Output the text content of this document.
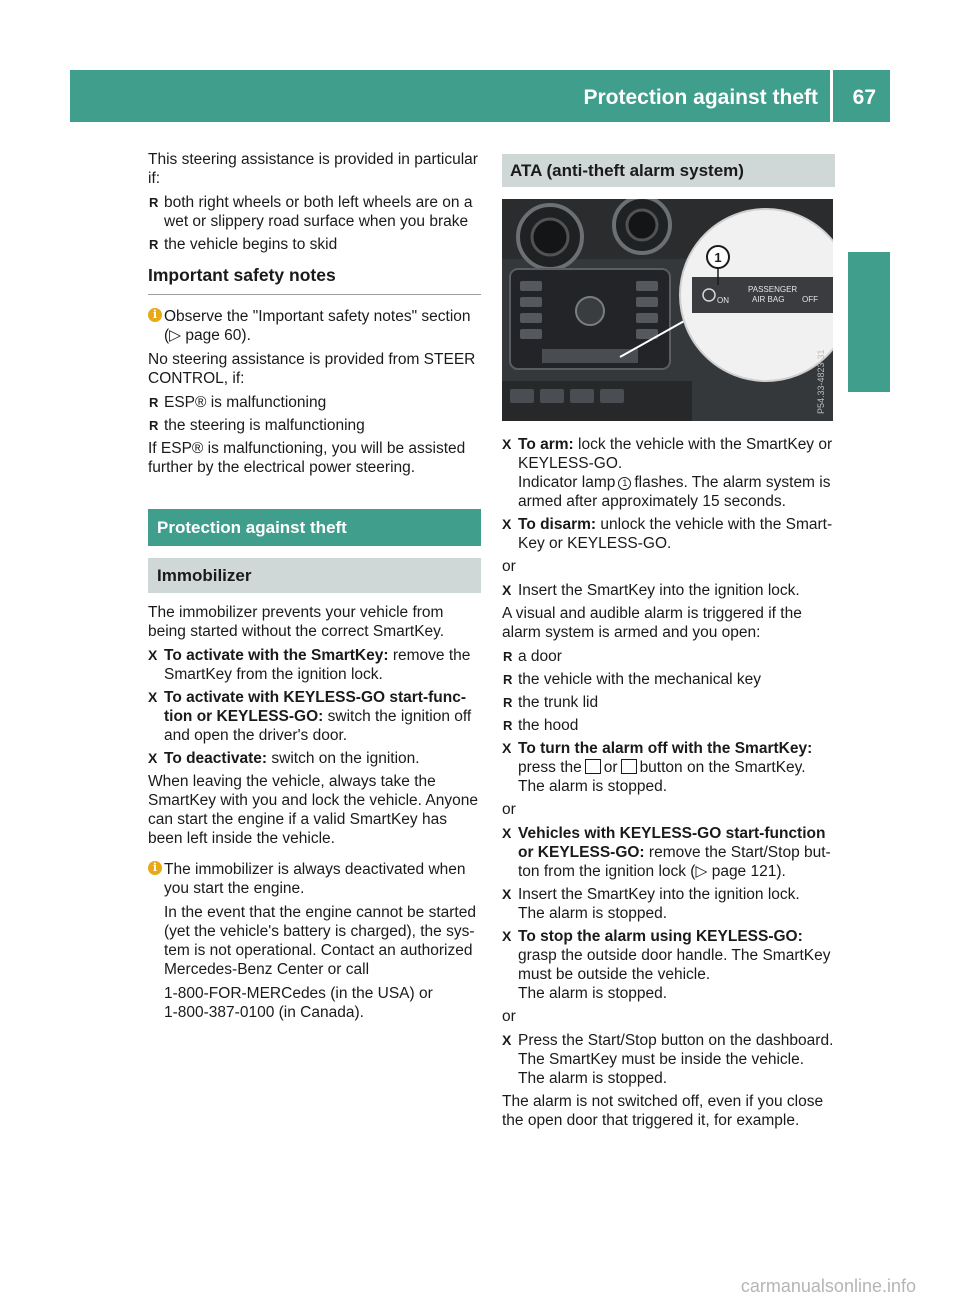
Protection against theft 67
Safety

This steering assistance is provided in particular if:

R both right wheels or both left wheels are on a wet or slippery road surface when you brake
R the vehicle begins to skid
Important safety notes
i Observe the "Important safety notes" section (▷ page 60).

No steering assistance is provided from STEER CONTROL, if:

R ESP® is malfunctioning
R the steering is malfunctioning

If ESP® is malfunctioning, you will be assisted further by the electrical power steering.

Protection against theft
Immobilizer

The immobilizer prevents your vehicle from being started without the correct SmartKey.

X To activate with the SmartKey: remove the SmartKey from the ignition lock.
X To activate with KEYLESS-GO start-function or KEYLESS-GO: switch the ignition off and open the driver's door.
X To deactivate: switch on the ignition.

When leaving the vehicle, always take the SmartKey with you and lock the vehicle. Anyone can start the engine if a valid SmartKey has been left inside the vehicle.

i The immobilizer is always deactivated when you start the engine.

In the event that the engine cannot be started (yet the vehicle's battery is charged), the system is not operational. Contact an authorized Mercedes-Benz Center or call

1-800-FOR-MERCedes (in the USA) or
1-800-387-0100 (in Canada).
ATA (anti-theft alarm system)
1
ON
PASSENGER
AIR BAG OFF
P54.33-4823-31
X To arm: lock the vehicle with the SmartKey or KEYLESS-GO.
Indicator lamp 1 flashes. The alarm system is armed after approximately 15 seconds.
X To disarm: unlock the vehicle with the SmartKey or KEYLESS-GO.

or

X Insert the SmartKey into the ignition lock.

A visual and audible alarm is triggered if the alarm system is armed and you open:

R a door
R the vehicle with the mechanical key
R the trunk lid
R the hood
X To turn the alarm off with the SmartKey:
press the or button on the SmartKey.
The alarm is stopped.

or

X Vehicles with KEYLESS-GO start-function or KEYLESS-GO: remove the Start/Stop button from the ignition lock (▷ page 121).
X Insert the SmartKey into the ignition lock.
The alarm is stopped.
X To stop the alarm using KEYLESS-GO:
grasp the outside door handle. The SmartKey must be outside the vehicle.
The alarm is stopped.

or

X Press the Start/Stop button on the dashboard. The SmartKey must be inside the vehicle.
The alarm is stopped.

The alarm is not switched off, even if you close the open door that triggered it, for example.

carmanualsonline.info
